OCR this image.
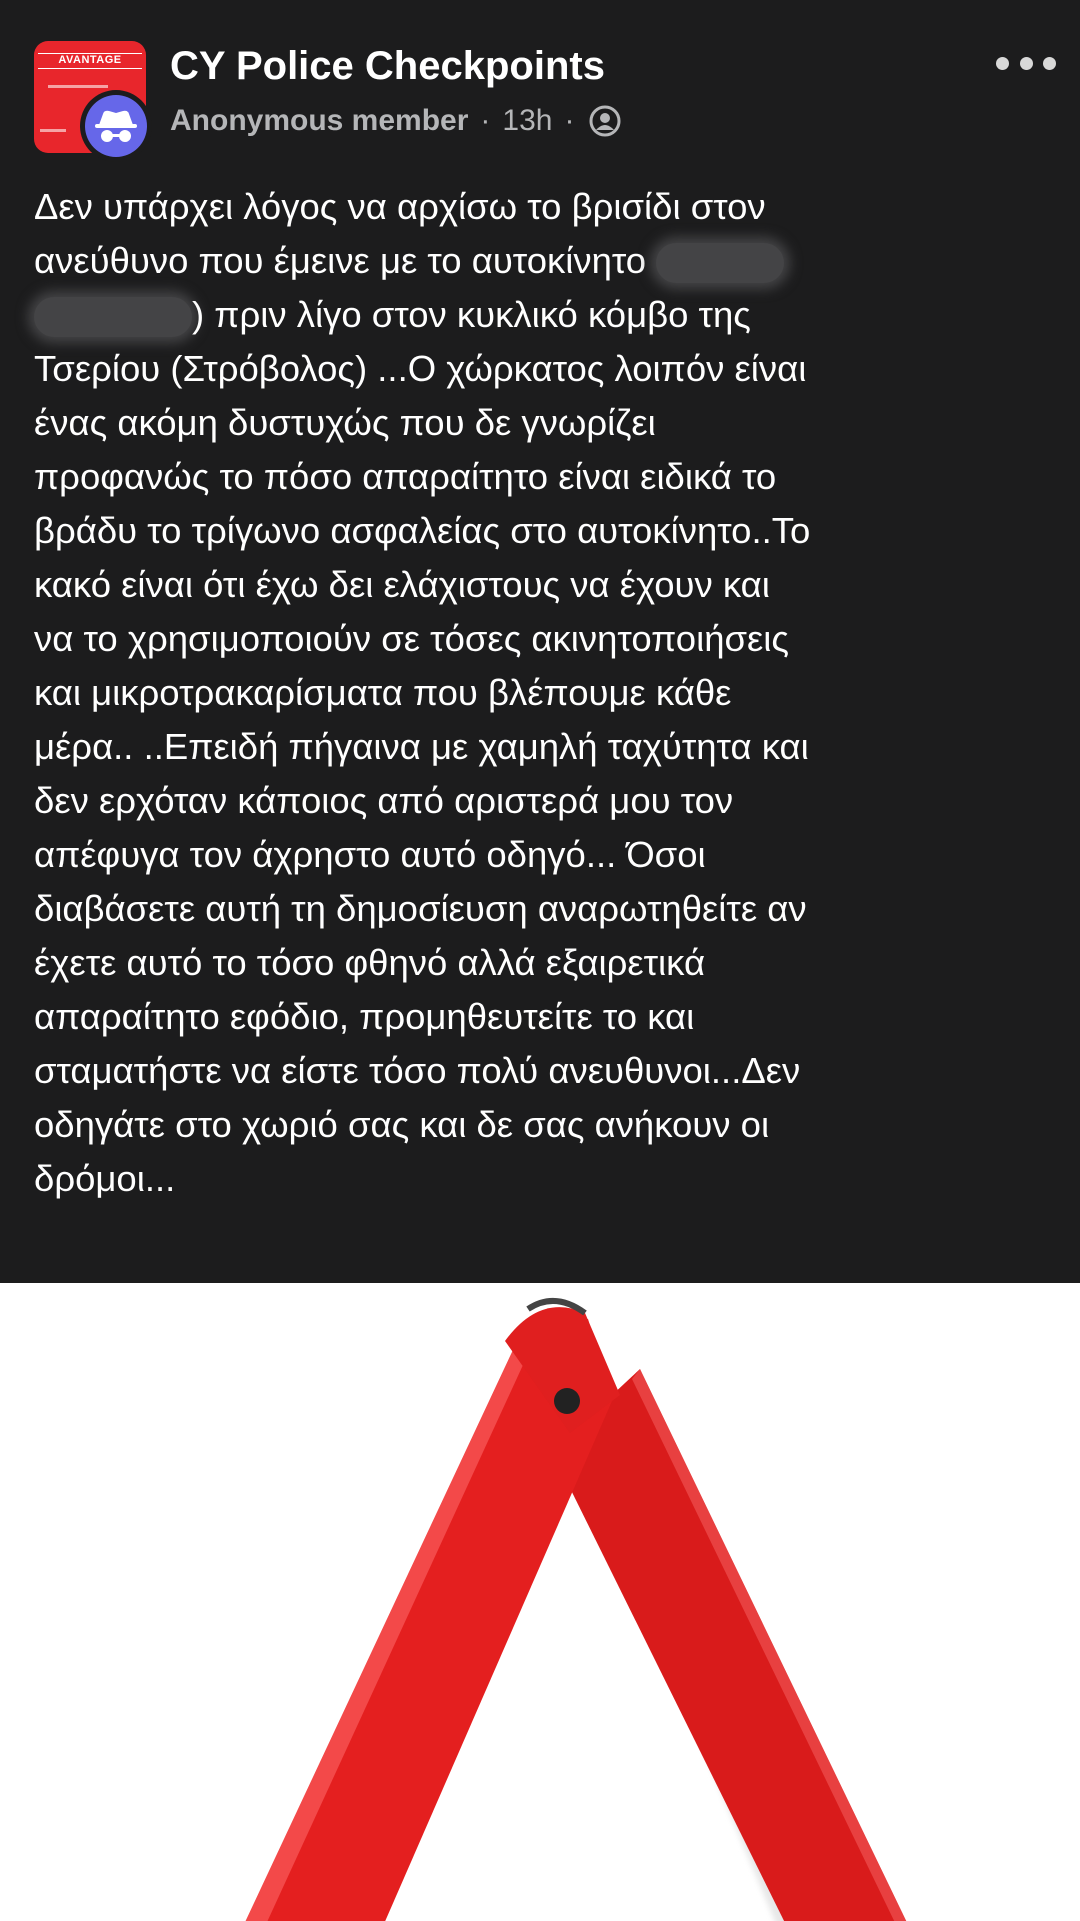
AVANTAGE	CY Police Checkpoints
Anonymous member · 13h ·
Δεν υπάρχει λόγος να αρχίσω το βρισίδι στον
ανεύθυνο που έμεινε με το αυτοκίνητο
) πριν λίγο στον κυκλικό κόμβο της
Τσερίου (Στρόβολος) ...Ο χώρκατος λοιπόν είναι
ένας ακόμη δυστυχώς που δε γνωρίζει
προφανώς το πόσο απαραίτητο είναι ειδικά το
βράδυ το τρίγωνο ασφαλείας στο αυτοκίνητο..Το
κακό είναι ότι έχω δει ελάχιστους να έχουν και
να το χρησιμοποιούν σε τόσες ακινητοποιήσεις
και μικροτρακαρίσματα που βλέπουμε κάθε
μέρα.. ..Επειδή πήγαινα με χαμηλή ταχύτητα και
δεν ερχόταν κάποιος από αριστερά μου τον
απέφυγα τον άχρηστο αυτό οδηγό... Όσοι
διαβάσετε αυτή τη δημοσίευση αναρωτηθείτε αν
έχετε αυτό το τόσο φθηνό αλλά εξαιρετικά
απαραίτητο εφόδιο, προμηθευτείτε το και
σταματήστε να είστε τόσο πολύ ανευθυνοι...Δεν
οδηγάτε στο χωριό σας και δε σας ανήκουν οι
δρόμοι...
